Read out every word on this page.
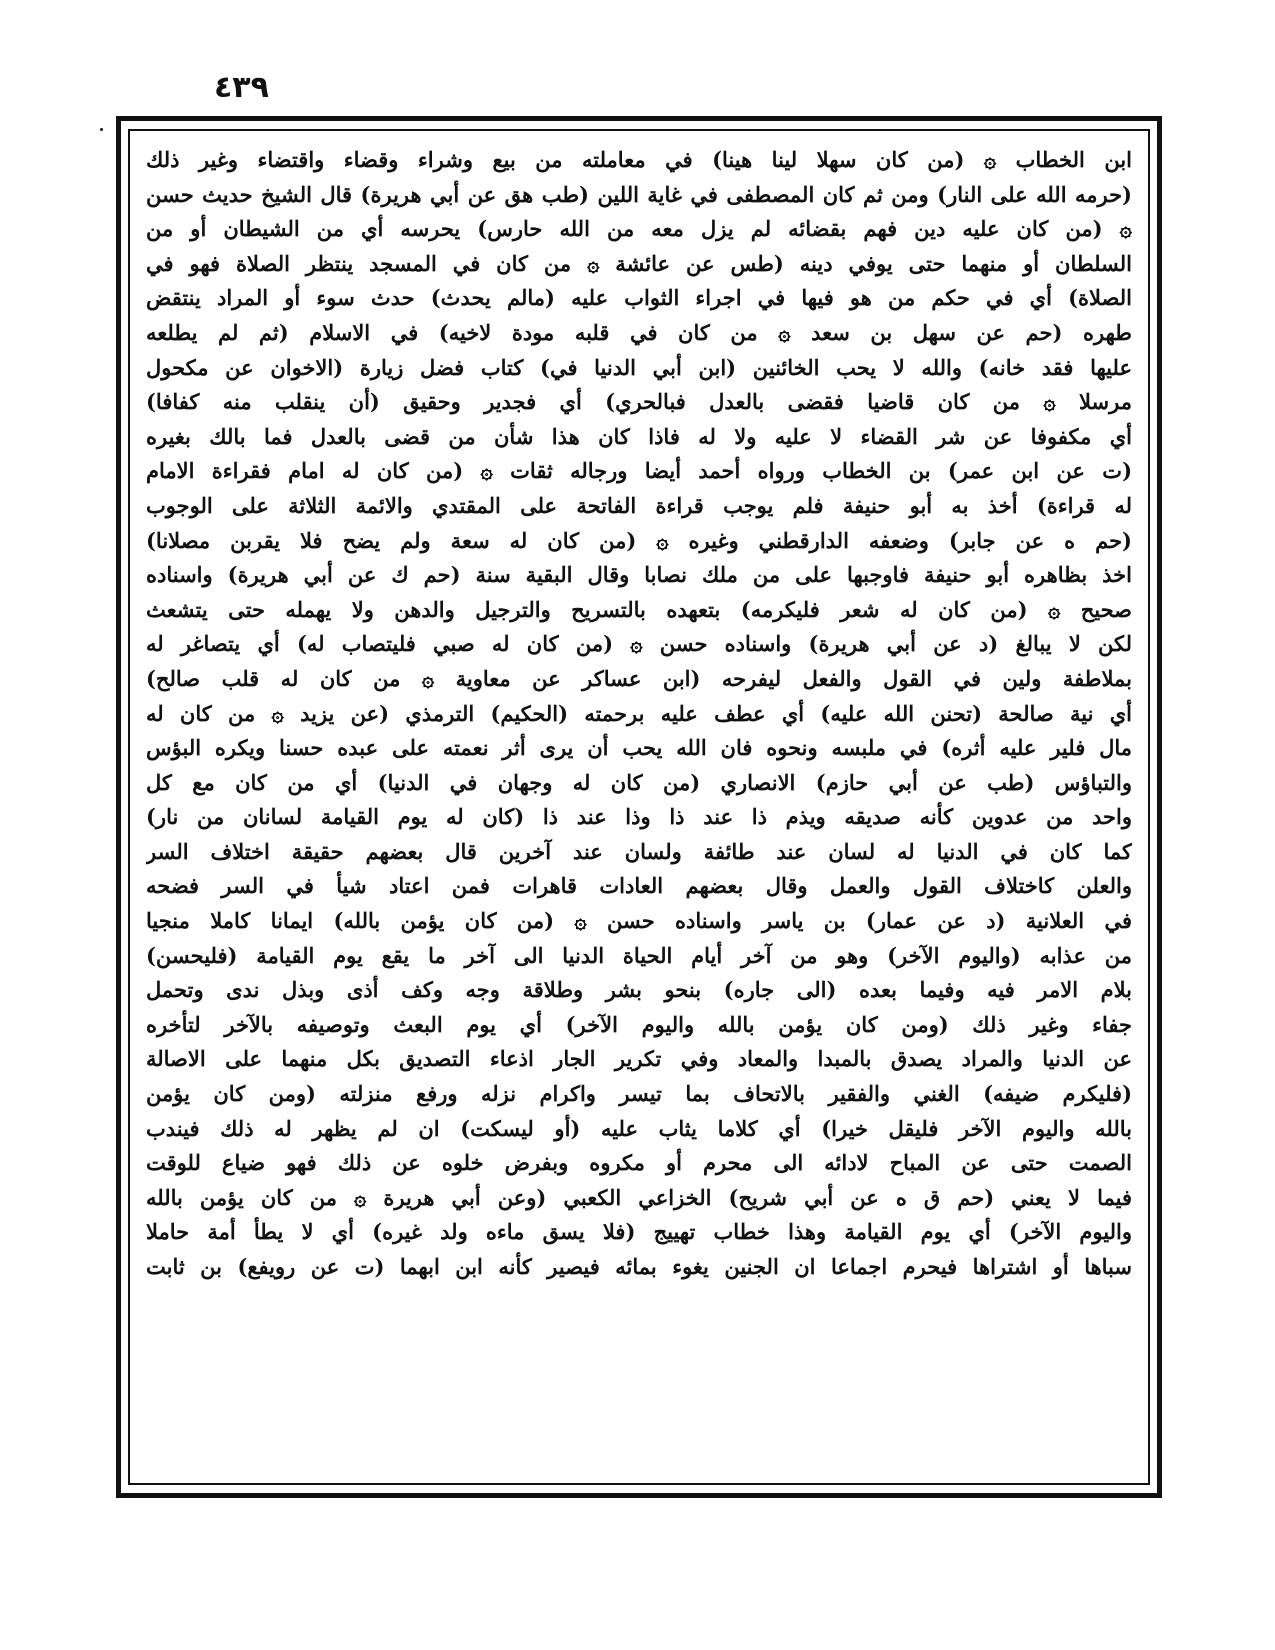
٤٣٩
ابن الخطاب ۞ (من كان سهلا لينا هينا) في معاملته من بيع وشراء وقضاء واقتضاء وغير ذلك
(حرمه الله على النار) ومن ثم كان المصطفى في غاية اللين (طب هق عن أبي هريرة) قال الشيخ حديث حسن
۞ (من كان عليه دين فهم بقضائه لم يزل معه من الله حارس) يحرسه أي من الشيطان أو من
السلطان أو منهما حتى يوفي دينه (طس عن عائشة ۞ من كان في المسجد ينتظر الصلاة فهو في
الصلاة) أي في حكم من هو فيها في اجراء الثواب عليه (مالم يحدث) حدث سوء أو المراد ينتقض
طهره (حم عن سهل بن سعد ۞ من كان في قلبه مودة لاخيه) في الاسلام (ثم لم يطلعه
عليها فقد خانه) والله لا يحب الخائنين (ابن أبي الدنيا في) كتاب فضل زيارة (الاخوان عن مكحول
مرسلا ۞ من كان قاضيا فقضى بالعدل فبالحري) أي فجدير وحقيق (أن ينقلب منه كفافا)
أي مكفوفا عن شر القضاء لا عليه ولا له فاذا كان هذا شأن من قضى بالعدل فما بالك بغيره
(ت عن ابن عمر) بن الخطاب ورواه أحمد أيضا ورجاله ثقات ۞ (من كان له امام فقراءة الامام
له قراءة) أخذ به أبو حنيفة فلم يوجب قراءة الفاتحة على المقتدي والائمة الثلاثة على الوجوب
(حم ه عن جابر) وضعفه الدارقطني وغيره ۞ (من كان له سعة ولم يضح فلا يقربن مصلانا)
اخذ بظاهره أبو حنيفة فاوجبها على من ملك نصابا وقال البقية سنة (حم ك عن أبي هريرة) واسناده
صحيح ۞ (من كان له شعر فليكرمه) بتعهده بالتسريح والترجيل والدهن ولا يهمله حتى يتشعث
لكن لا يبالغ (د عن أبي هريرة) واسناده حسن ۞ (من كان له صبي فليتصاب له) أي يتصاغر له
بملاطفة ولين في القول والفعل ليفرحه (ابن عساكر عن معاوية ۞ من كان له قلب صالح)
أي نية صالحة (تحنن الله عليه) أي عطف عليه برحمته (الحكيم) الترمذي (عن يزيد ۞ من كان له
مال فلير عليه أثره) في ملبسه ونحوه فان الله يحب أن يرى أثر نعمته على عبده حسنا ويكره البؤس
والتباؤس (طب عن أبي حازم) الانصاري (من كان له وجهان في الدنيا) أي من كان مع كل
واحد من عدوين كأنه صديقه ويذم ذا عند ذا وذا عند ذا (كان له يوم القيامة لسانان من نار)
كما كان في الدنيا له لسان عند طائفة ولسان عند آخرين قال بعضهم حقيقة اختلاف السر
والعلن كاختلاف القول والعمل وقال بعضهم العادات قاهرات فمن اعتاد شيأ في السر فضحه
في العلانية (د عن عمار) بن ياسر واسناده حسن ۞ (من كان يؤمن بالله) ايمانا كاملا منجيا
من عذابه (واليوم الآخر) وهو من آخر أيام الحياة الدنيا الى آخر ما يقع يوم القيامة (فليحسن)
بلام الامر فيه وفيما بعده (الى جاره) بنحو بشر وطلاقة وجه وكف أذى وبذل ندى وتحمل
جفاء وغير ذلك (ومن كان يؤمن بالله واليوم الآخر) أي يوم البعث وتوصيفه بالآخر لتأخره
عن الدنيا والمراد يصدق بالمبدا والمعاد وفي تكرير الجار اذعاء التصديق بكل منهما على الاصالة
(فليكرم ضيفه) الغني والفقير بالاتحاف بما تيسر واكرام نزله ورفع منزلته (ومن كان يؤمن
بالله واليوم الآخر فليقل خيرا) أي كلاما يثاب عليه (أو ليسكت) ان لم يظهر له ذلك فيندب
الصمت حتى عن المباح لادائه الى محرم أو مكروه وبفرض خلوه عن ذلك فهو ضياع للوقت
فيما لا يعني (حم ق ه عن أبي شريح) الخزاعي الكعبي (وعن أبي هريرة ۞ من كان يؤمن بالله
واليوم الآخر) أي يوم القيامة وهذا خطاب تهييج (فلا يسق ماءه ولد غيره) أي لا يطأ أمة حاملا
سباها أو اشتراها فيحرم اجماعا ان الجنين يغوء بمائه فيصير كأنه ابن ابهما (ت عن رويفع) بن ثابت
